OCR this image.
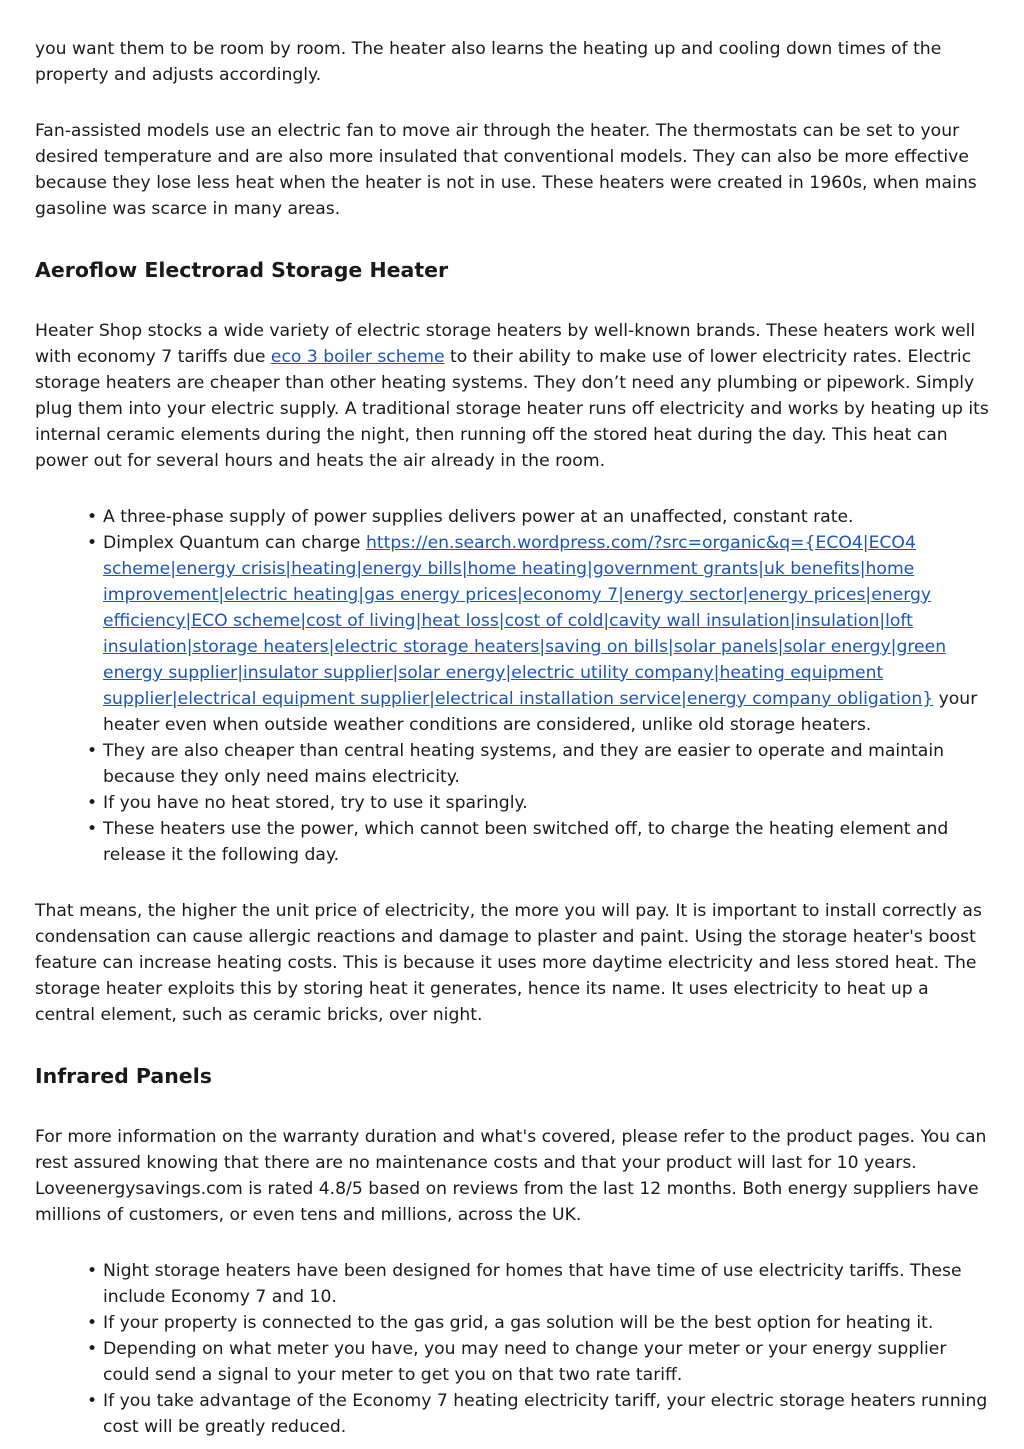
you want them to be room by room. The heater also learns the heating up and cooling down times of the property and adjusts accordingly.

Fan-assisted models use an electric fan to move air through the heater. The thermostats can be set to your desired temperature and are also more insulated that conventional models. They can also be more effective because they lose less heat when the heater is not in use. These heaters were created in 1960s, when mains gasoline was scarce in many areas.

Aeroflow Electrorad Storage Heater

Heater Shop stocks a wide variety of electric storage heaters by well-known brands. These heaters work well with economy 7 tariffs due eco 3 boiler scheme to their ability to make use of lower electricity rates. Electric storage heaters are cheaper than other heating systems. They don’t need any plumbing or pipework. Simply plug them into your electric supply. A traditional storage heater runs off electricity and works by heating up its internal ceramic elements during the night, then running off the stored heat during the day. This heat can power out for several hours and heats the air already in the room.

• A three-phase supply of power supplies delivers power at an unaffected, constant rate.
• Dimplex Quantum can charge https://en.search.wordpress.com/?src=organic&q={ECO4|ECO4 scheme|energy crisis|heating|energy bills|home heating|government grants|uk benefits|home improvement|electric heating|gas energy prices|economy 7|energy sector|energy prices|energy efficiency|ECO scheme|cost of living|heat loss|cost of cold|cavity wall insulation|insulation|loft insulation|storage heaters|electric storage heaters|saving on bills|solar panels|solar energy|green energy supplier|insulator supplier|solar energy|electric utility company|heating equipment supplier|electrical equipment supplier|electrical installation service|energy company obligation} your heater even when outside weather conditions are considered, unlike old storage heaters.
• They are also cheaper than central heating systems, and they are easier to operate and maintain because they only need mains electricity.
• If you have no heat stored, try to use it sparingly.
• These heaters use the power, which cannot been switched off, to charge the heating element and release it the following day.

That means, the higher the unit price of electricity, the more you will pay. It is important to install correctly as condensation can cause allergic reactions and damage to plaster and paint. Using the storage heater's boost feature can increase heating costs. This is because it uses more daytime electricity and less stored heat. The storage heater exploits this by storing heat it generates, hence its name. It uses electricity to heat up a central element, such as ceramic bricks, over night.

Infrared Panels

For more information on the warranty duration and what's covered, please refer to the product pages. You can rest assured knowing that there are no maintenance costs and that your product will last for 10 years. Loveenergysavings.com is rated 4.8/5 based on reviews from the last 12 months. Both energy suppliers have millions of customers, or even tens and millions, across the UK.

• Night storage heaters have been designed for homes that have time of use electricity tariffs. These include Economy 7 and 10.
• If your property is connected to the gas grid, a gas solution will be the best option for heating it.
• Depending on what meter you have, you may need to change your meter or your energy supplier could send a signal to your meter to get you on that two rate tariff.
• If you take advantage of the Economy 7 heating electricity tariff, your electric storage heaters running cost will be greatly reduced.
